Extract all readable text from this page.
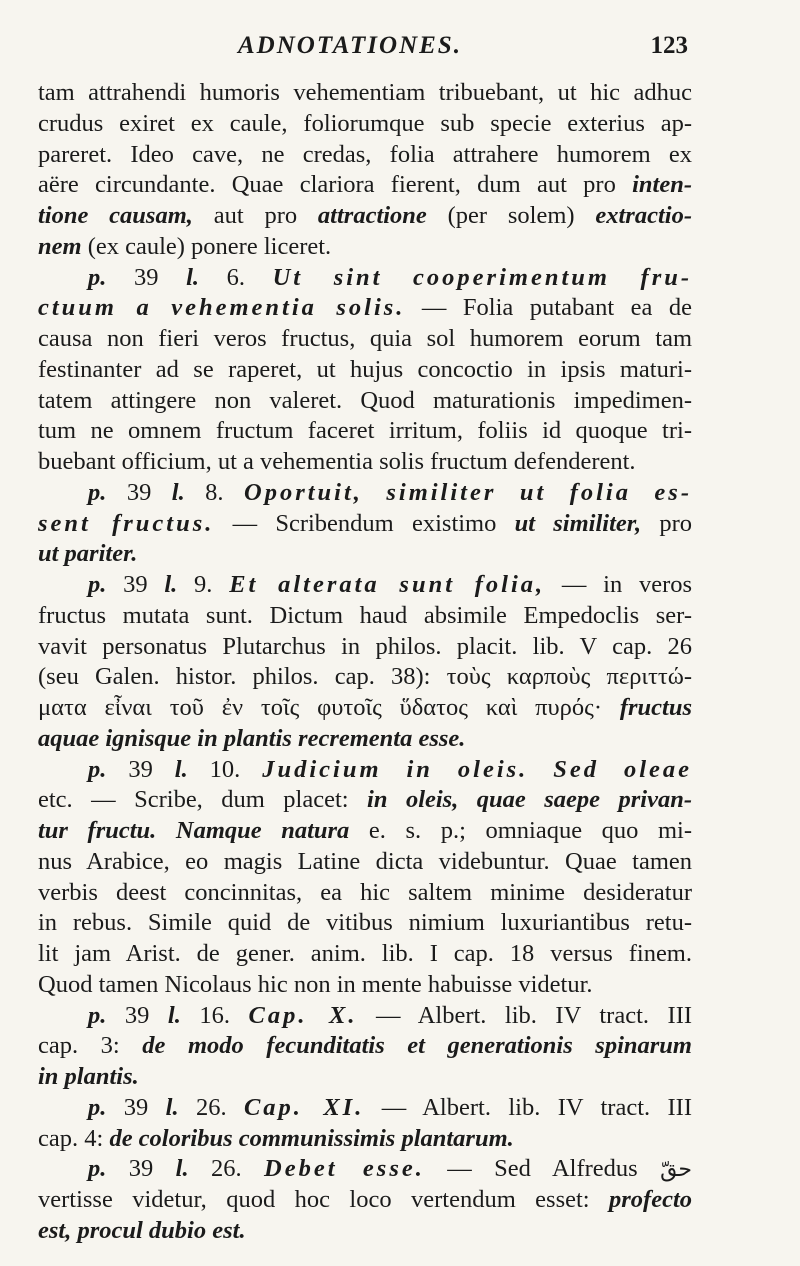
ADNOTATIONES.	123
tam attrahendi humoris vehementiam tribuebant, ut hic adhuc
crudus exiret ex caule, foliorumque sub specie exterius ap-
pareret. Ideo cave, ne credas, folia attrahere humorem ex
aëre circundante. Quae clariora fierent, dum aut pro inten-
tione causam, aut pro attractione (per solem) extractio-
nem (ex caule) ponere liceret.
p. 39 l. 6. Ut sint cooperimentum fru-
ctuum a vehementia solis. — Folia putabant ea de
causa non fieri veros fructus, quia sol humorem eorum tam
festinanter ad se raperet, ut hujus concoctio in ipsis maturi-
tatem attingere non valeret. Quod maturationis impedimen-
tum ne omnem fructum faceret irritum, foliis id quoque tri-
buebant officium, ut a vehementia solis fructum defenderent.
p. 39 l. 8. Oportuit, similiter ut folia es-
sent fructus. — Scribendum existimo ut similiter, pro
ut pariter.
p. 39 l. 9. Et alterata sunt folia, — in veros
fructus mutata sunt. Dictum haud absimile Empedoclis ser-
vavit personatus Plutarchus in philos. placit. lib. V cap. 26
(seu Galen. histor. philos. cap. 38): τοὺς καρποὺς περιττώ-
ματα εἶναι τοῦ ἐν τοῖς φυτοῖς ὕδατος καὶ πυρός· fructus
aquae ignisque in plantis recrementa esse.
p. 39 l. 10. Judicium in oleis. Sed oleae
etc. — Scribe, dum placet: in oleis, quae saepe privan-
tur fructu. Namque natura e. s. p.; omniaque quo mi-
nus Arabice, eo magis Latine dicta videbuntur. Quae tamen
verbis deest concinnitas, ea hic saltem minime desideratur
in rebus. Simile quid de vitibus nimium luxuriantibus retu-
lit jam Arist. de gener. anim. lib. I cap. 18 versus finem.
Quod tamen Nicolaus hic non in mente habuisse videtur.
p. 39 l. 16. Cap. X. — Albert. lib. IV tract. III
cap. 3: de modo fecunditatis et generationis spinarum
in plantis.
p. 39 l. 26. Cap. XI. — Albert. lib. IV tract. III
cap. 4: de coloribus communissimis plantarum.
p. 39 l. 26. Debet esse. — Sed Alfredus حقّ
vertisse videtur, quod hoc loco vertendum esset: profecto
est, procul dubio est.
